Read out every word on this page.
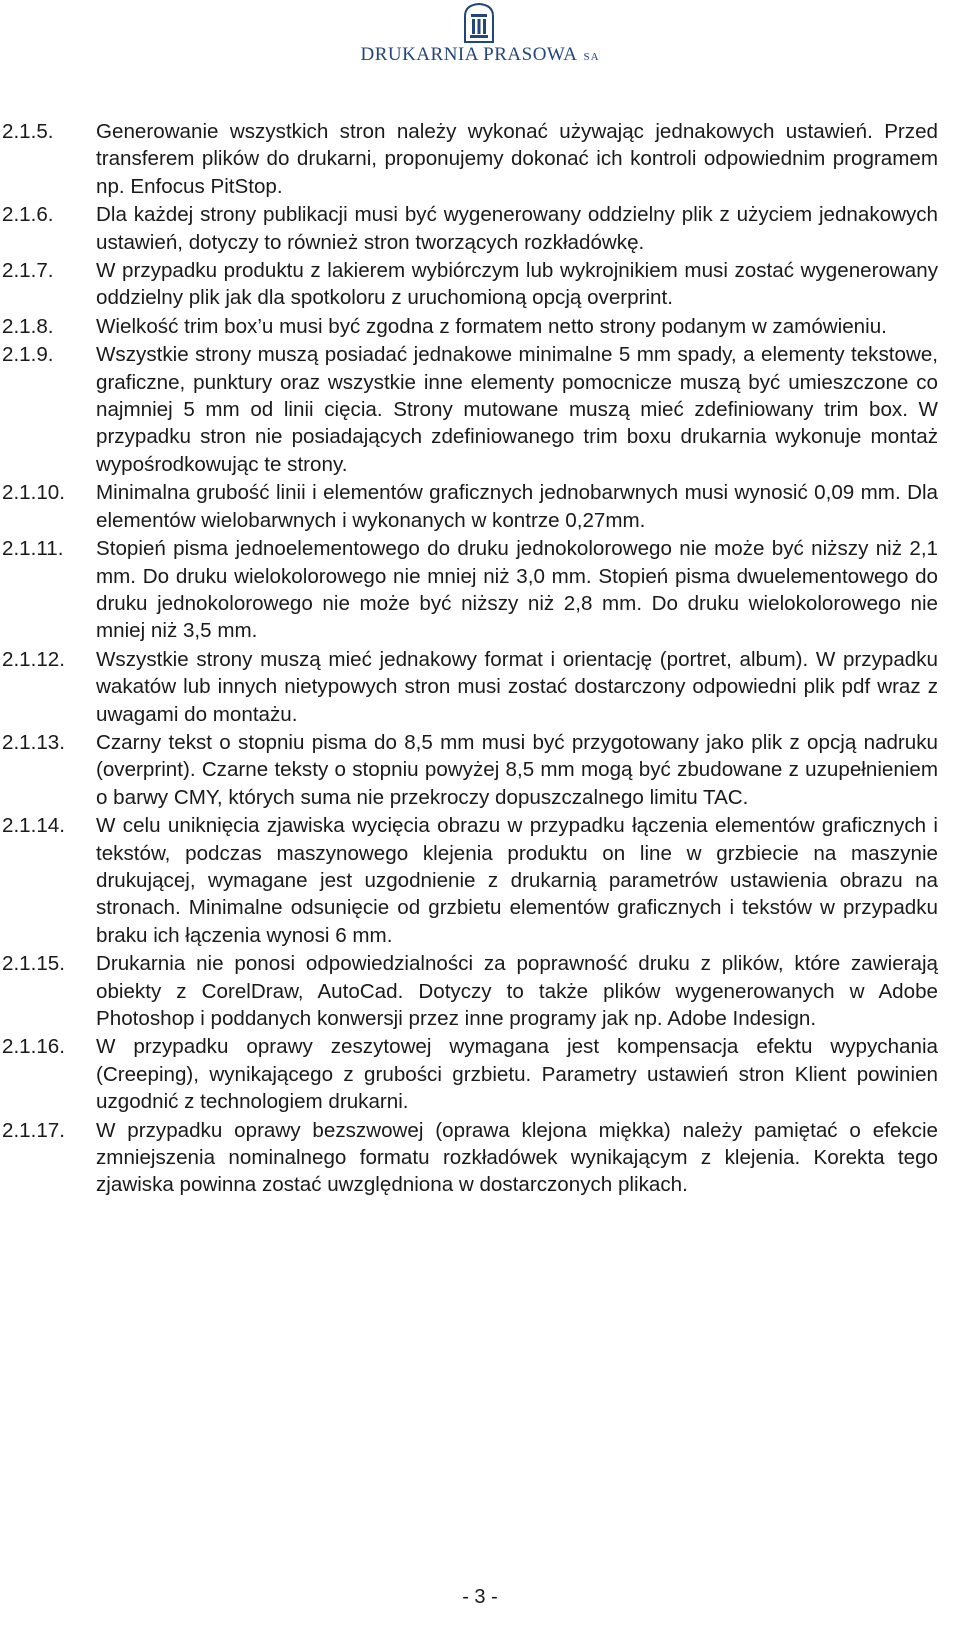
DRUKARNIA PRASOWA SA
2.1.5.	Generowanie wszystkich stron należy wykonać używając jednakowych ustawień. Przed transferem plików do drukarni, proponujemy dokonać ich kontroli odpowiednim programem np. Enfocus PitStop.
2.1.6.	Dla każdej strony publikacji musi być wygenerowany oddzielny plik z użyciem jednakowych ustawień, dotyczy to również stron tworzących rozkładówkę.
2.1.7.	W przypadku produktu z lakierem wybiórczym lub wykrojnikiem musi zostać wygenerowany oddzielny plik jak dla spotkoloru z uruchomioną opcją overprint.
2.1.8.	Wielkość trim box’u musi być zgodna z formatem netto strony podanym w zamówieniu.
2.1.9.	Wszystkie strony muszą posiadać jednakowe minimalne 5 mm spady, a elementy tekstowe, graficzne, punktury oraz wszystkie inne elementy pomocnicze muszą być umieszczone co najmniej 5 mm od linii cięcia. Strony mutowane muszą mieć zdefiniowany trim box. W przypadku stron nie posiadających zdefiniowanego trim boxu drukarnia wykonuje montaż wypośrodkowując te strony.
2.1.10.	Minimalna grubość linii i elementów graficznych jednobarwnych musi wynosić 0,09 mm. Dla elementów wielobarwnych i wykonanych w kontrze 0,27mm.
2.1.11.	Stopień pisma jednoelementowego do druku jednokolorowego nie może być niższy niż 2,1 mm. Do druku wielokolorowego nie mniej niż 3,0 mm. Stopień pisma dwuelementowego do druku jednokolorowego nie może być niższy niż 2,8 mm. Do druku wielokolorowego nie mniej niż 3,5 mm.
2.1.12.	Wszystkie strony muszą mieć jednakowy format i orientację (portret, album). W przypadku wakatów lub innych nietypowych stron musi zostać dostarczony odpowiedni plik pdf wraz z uwagami do montażu.
2.1.13.	Czarny tekst o stopniu pisma do 8,5 mm musi być przygotowany jako plik z opcją nadruku (overprint). Czarne teksty o stopniu powyżej 8,5 mm mogą być zbudowane z uzupełnieniem o barwy CMY, których suma nie przekroczy dopuszczalnego limitu TAC.
2.1.14.	W celu uniknięcia zjawiska wycięcia obrazu w przypadku łączenia elementów graficznych i tekstów, podczas maszynowego klejenia produktu on line w grzbiecie na maszynie drukującej, wymagane jest uzgodnienie z drukarnią parametrów ustawienia obrazu na stronach. Minimalne odsunięcie od grzbietu elementów graficznych i tekstów w przypadku braku ich łączenia wynosi 6 mm.
2.1.15.	Drukarnia nie ponosi odpowiedzialności za poprawność druku z plików, które zawierają obiekty z CorelDraw, AutoCad. Dotyczy to także plików wygenerowanych w Adobe Photoshop i poddanych konwersji przez inne programy jak np. Adobe Indesign.
2.1.16.	W przypadku oprawy zeszytowej wymagana jest kompensacja efektu wypychania (Creeping), wynikającego z grubości grzbietu. Parametry ustawień stron Klient powinien uzgodnić z technologiem drukarni.
2.1.17.	W przypadku oprawy bezszwowej (oprawa klejona miękka) należy pamiętać o efekcie zmniejszenia nominalnego formatu rozkładówek wynikającym z klejenia. Korekta tego zjawiska powinna zostać uwzględniona w dostarczonych plikach.
- 3 -
